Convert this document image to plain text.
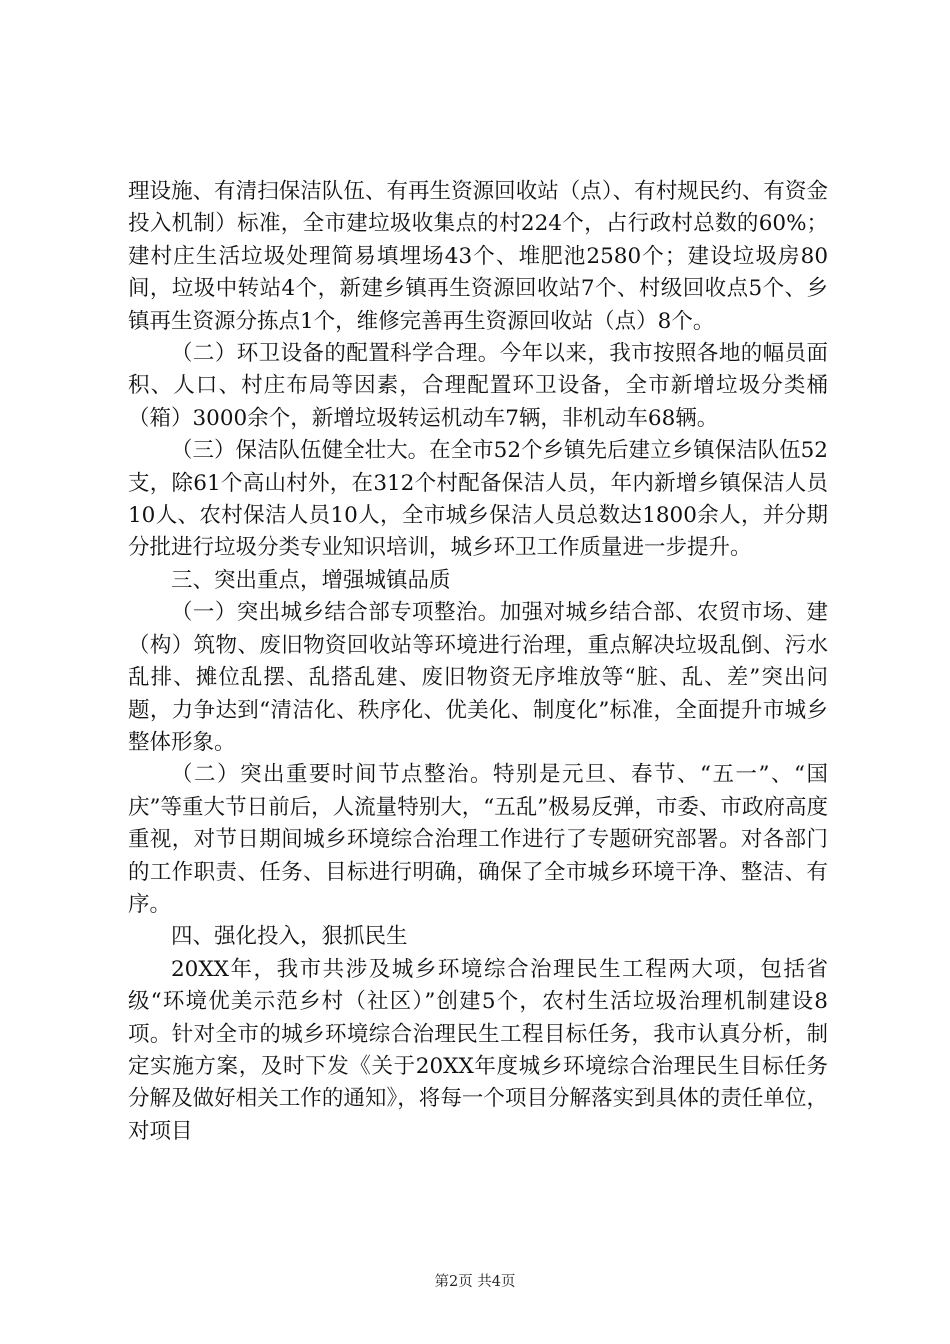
理设施、有清扫保洁队伍、有再生资源回收站（点）、有村规民约、有资金投入机制）标准，全市建垃圾收集点的村224个，占行政村总数的60%；建村庄生活垃圾处理简易填埋场43个、堆肥池2580个；建设垃圾房80间，垃圾中转站4个，新建乡镇再生资源回收站7个、村级回收点5个、乡镇再生资源分拣点1个，维修完善再生资源回收站（点）8个。

（二）环卫设备的配置科学合理。今年以来，我市按照各地的幅员面积、人口、村庄布局等因素，合理配置环卫设备，全市新增垃圾分类桶（箱）3000余个，新增垃圾转运机动车7辆，非机动车68辆。

（三）保洁队伍健全壮大。在全市52个乡镇先后建立乡镇保洁队伍52支，除61个高山村外，在312个村配备保洁人员，年内新增乡镇保洁人员10人、农村保洁人员10人，全市城乡保洁人员总数达1800余人，并分期分批进行垃圾分类专业知识培训，城乡环卫工作质量进一步提升。

三、突出重点，增强城镇品质

（一）突出城乡结合部专项整治。加强对城乡结合部、农贸市场、建（构）筑物、废旧物资回收站等环境进行治理，重点解决垃圾乱倒、污水乱排、摊位乱摆、乱搭乱建、废旧物资无序堆放等“脏、乱、差”突出问题，力争达到“清洁化、秩序化、优美化、制度化”标准，全面提升市城乡整体形象。

（二）突出重要时间节点整治。特别是元旦、春节、“五一”、“国庆”等重大节日前后，人流量特别大，“五乱”极易反弹，市委、市政府高度重视，对节日期间城乡环境综合治理工作进行了专题研究部署。对各部门的工作职责、任务、目标进行明确，确保了全市城乡环境干净、整洁、有序。

四、强化投入，狠抓民生

20XX年，我市共涉及城乡环境综合治理民生工程两大项，包括省级“环境优美示范乡村（社区）”创建5个，农村生活垃圾治理机制建设8项。针对全市的城乡环境综合治理民生工程目标任务，我市认真分析，制定实施方案，及时下发《关于20XX年度城乡环境综合治理民生目标任务分解及做好相关工作的通知》，将每一个项目分解落实到具体的责任单位，对项目

第2页 共4页
